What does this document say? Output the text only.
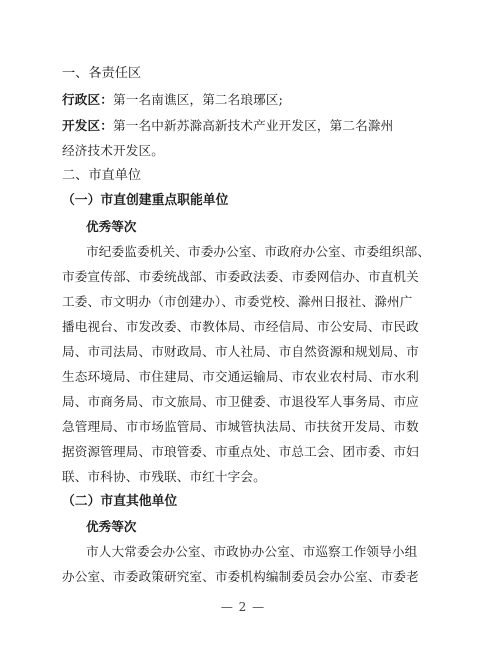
一、各责任区
行政区：第一名南谯区，第二名琅琊区;
开发区：第一名中新苏滁高新技术产业开发区，第二名滁州
经济技术开发区。
二、市直单位
（一）市直创建重点职能单位
优秀等次
市纪委监委机关、市委办公室、市政府办公室、市委组织部、
市委宣传部、市委统战部、市委政法委、市委网信办、市直机关
工委、市文明办（市创建办）、市委党校、滁州日报社、滁州广
播电视台、市发改委、市教体局、市经信局、市公安局、市民政
局、市司法局、市财政局、市人社局、市自然资源和规划局、市
生态环境局、市住建局、市交通运输局、市农业农村局、市水利
局、市商务局、市文旅局、市卫健委、市退役军人事务局、市应
急管理局、市市场监管局、市城管执法局、市扶贫开发局、市数
据资源管理局、市琅管委、市重点处、市总工会、团市委、市妇
联、市科协、市残联、市红十字会。
（二）市直其他单位
优秀等次
市人大常委会办公室、市政协办公室、市巡察工作领导小组
办公室、市委政策研究室、市委机构编制委员会办公室、市委老
— 2 —
